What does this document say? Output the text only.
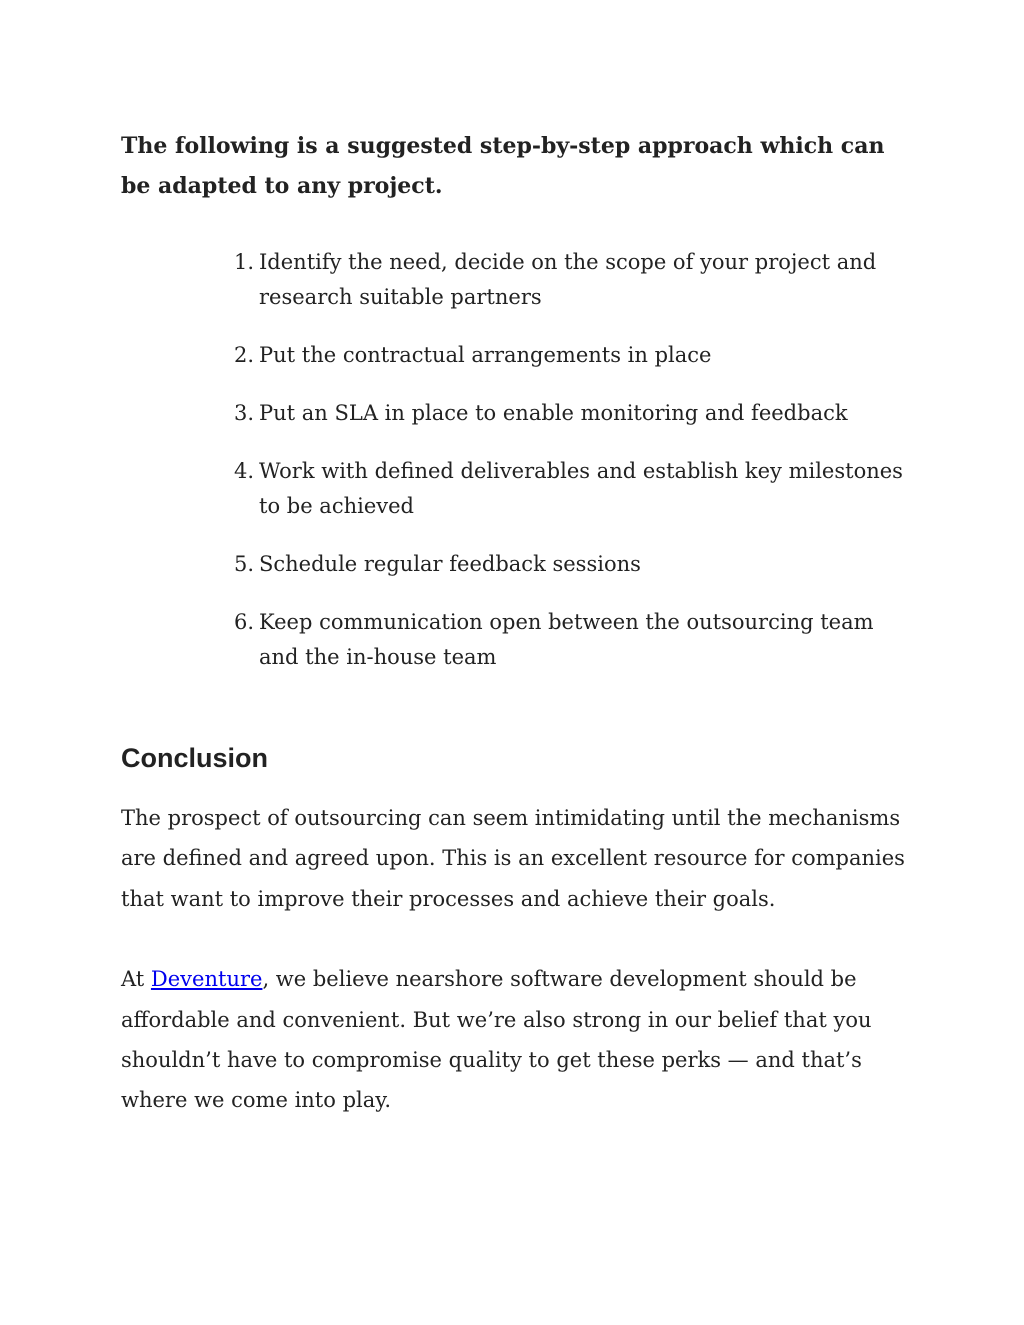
The following is a suggested step-by-step approach which can be adapted to any project.

1. Identify the need, decide on the scope of your project and research suitable partners
2. Put the contractual arrangements in place
3. Put an SLA in place to enable monitoring and feedback
4. Work with defined deliverables and establish key milestones to be achieved
5. Schedule regular feedback sessions
6. Keep communication open between the outsourcing team and the in-house team
Conclusion

The prospect of outsourcing can seem intimidating until the mechanisms are defined and agreed upon. This is an excellent resource for companies that want to improve their processes and achieve their goals.

At Deventure, we believe nearshore software development should be affordable and convenient. But we’re also strong in our belief that you shouldn’t have to compromise quality to get these perks — and that’s where we come into play.
